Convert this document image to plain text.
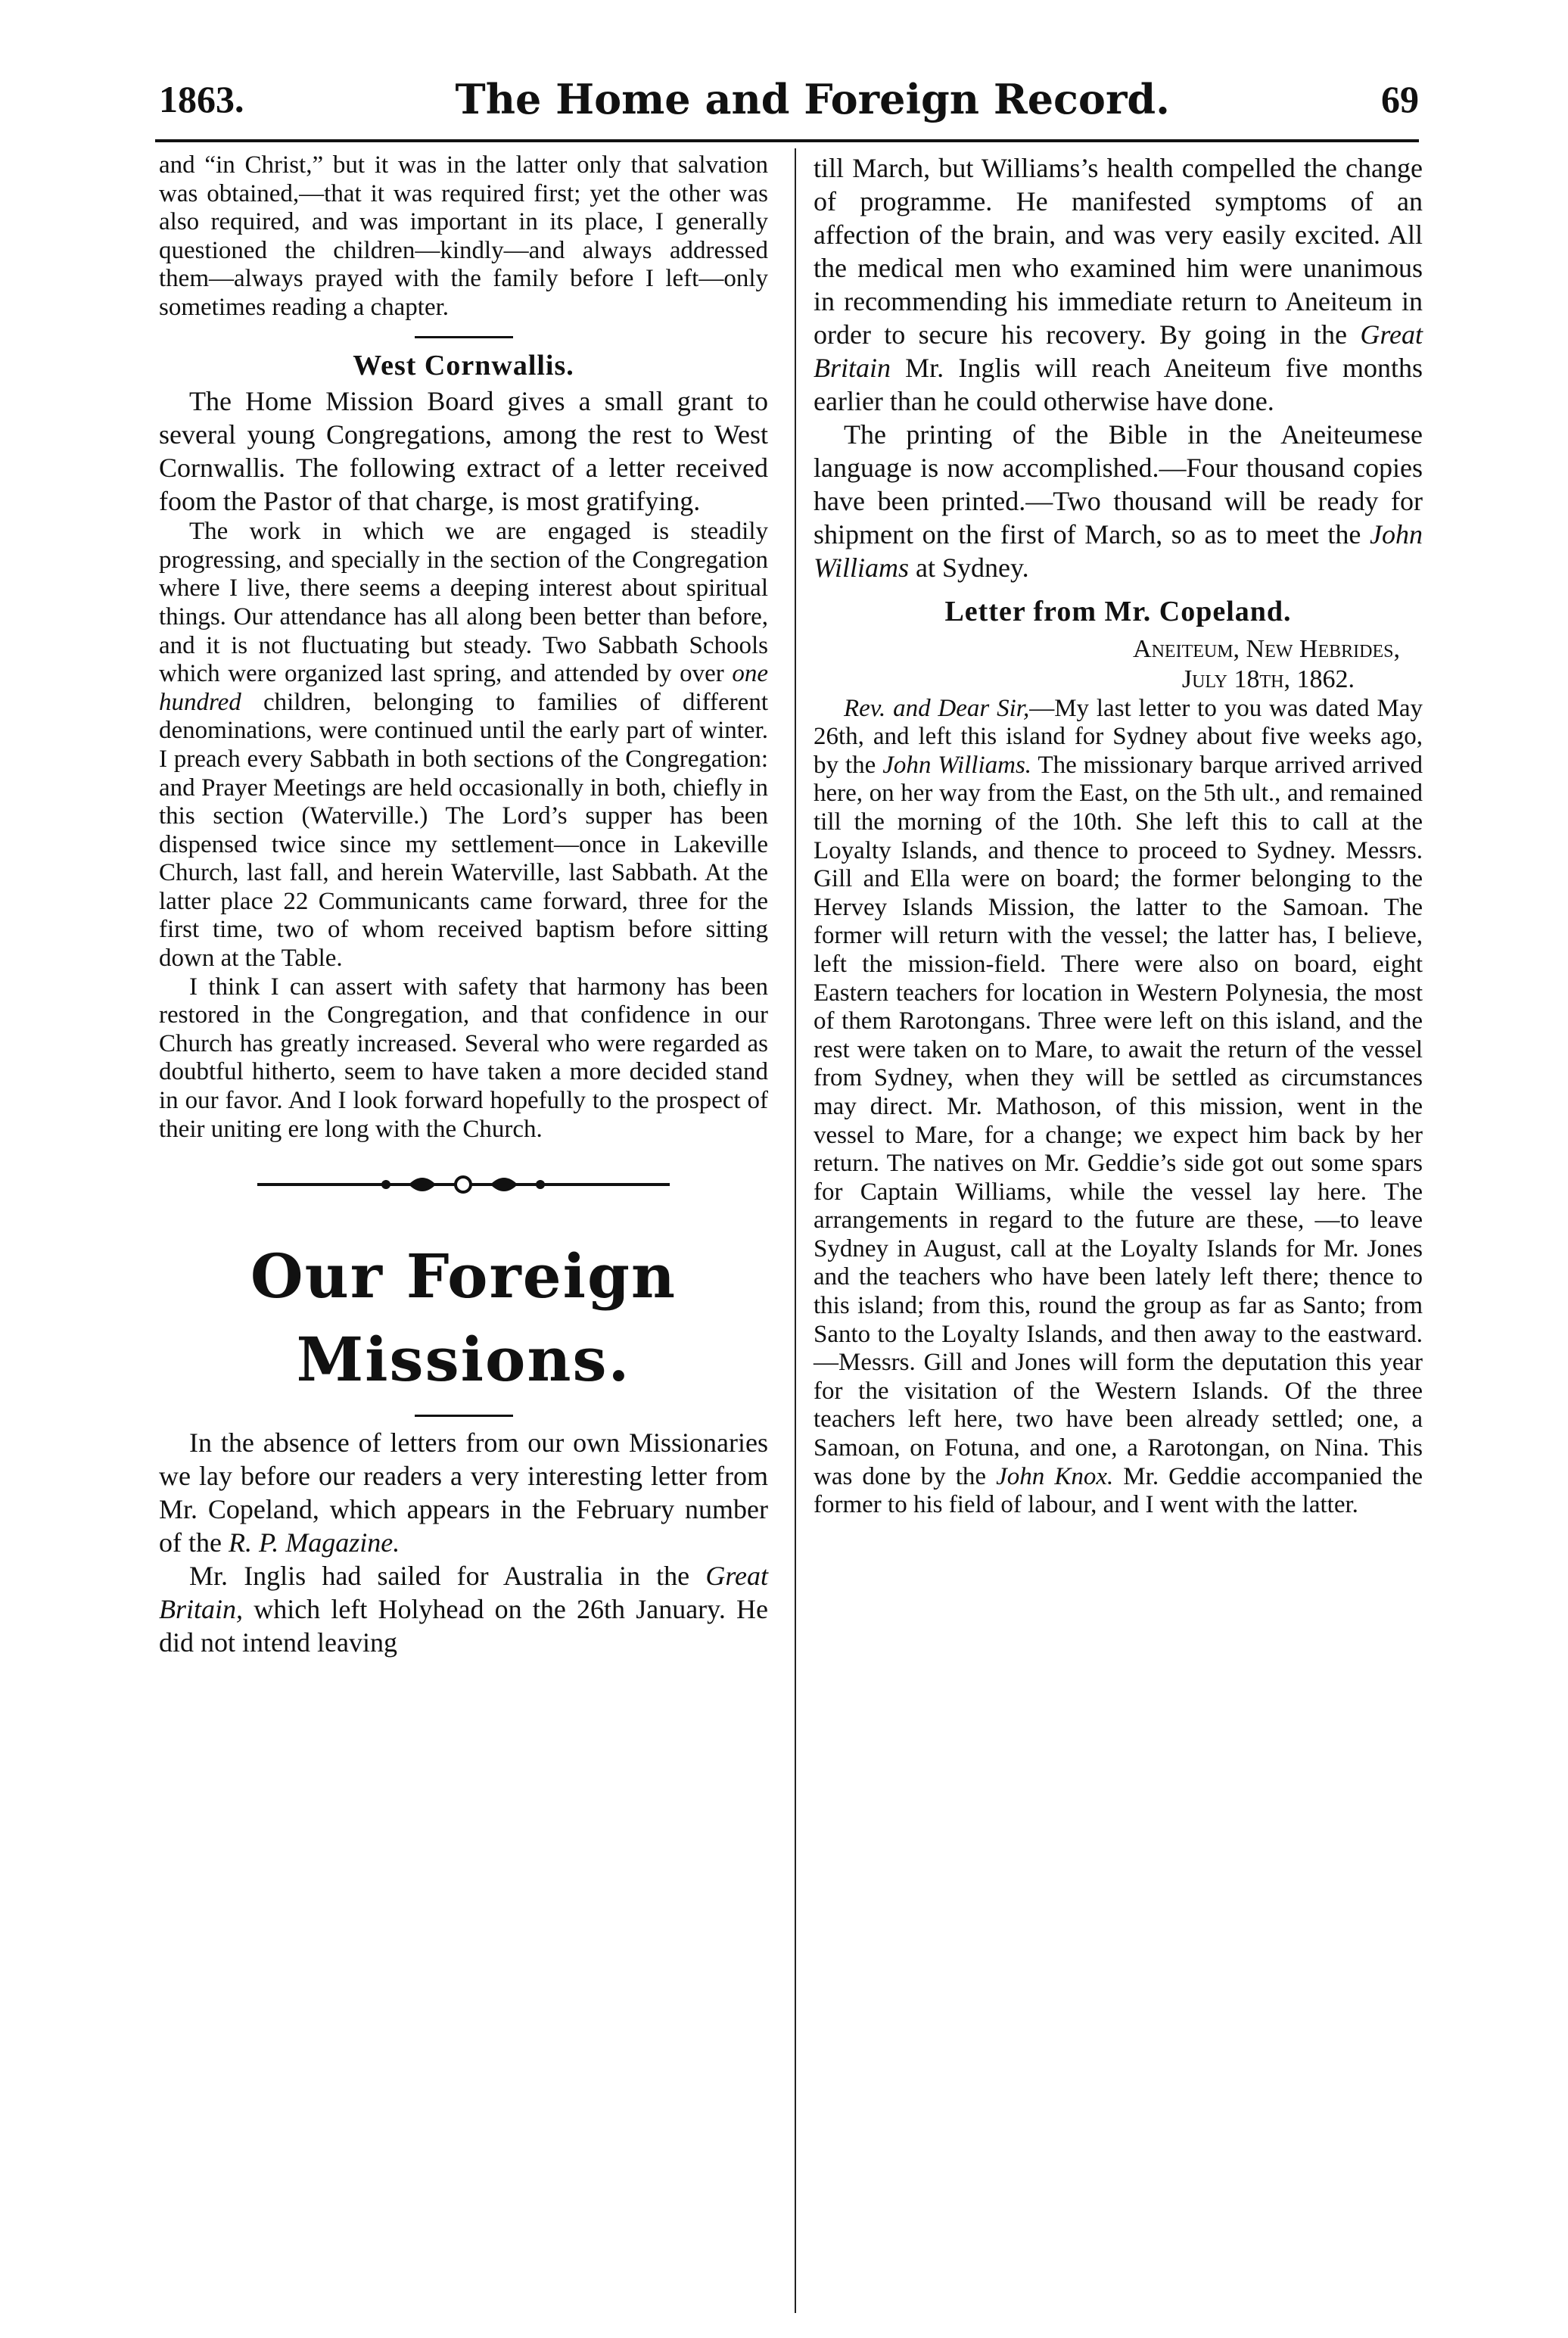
1863.	The Home and Foreign Record.	69

and “in Christ,” but it was in the latter only that salvation was obtained,—that it was required first; yet the other was also required, and was important in its place, I generally questioned the children—kindly—and always addressed them—always prayed with the family before I left—only sometimes reading a chapter.

West Cornwallis.

The Home Mission Board gives a small grant to several young Congregations, among the rest to West Cornwallis. The following extract of a letter received foom the Pastor of that charge, is most gratifying.

The work in which we are engaged is steadily progressing, and specially in the section of the Congregation where I live, there seems a deeping interest about spiritual things. Our attendance has all along been better than before, and it is not fluctuating but steady. Two Sabbath Schools which were organized last spring, and attended by over one hundred children, belonging to families of different denominations, were continued until the early part of winter. I preach every Sabbath in both sections of the Congregation: and Prayer Meetings are held occasionally in both, chiefly in this section (Waterville.) The Lord’s supper has been dispensed twice since my settlement—once in Lakeville Church, last fall, and herein Waterville, last Sabbath. At the latter place 22 Communicants came forward, three for the first time, two of whom received baptism before sitting down at the Table.

I think I can assert with safety that harmony has been restored in the Congregation, and that confidence in our Church has greatly increased. Several who were regarded as doubtful hitherto, seem to have taken a more decided stand in our favor. And I look forward hopefully to the prospect of their uniting ere long with the Church.

Our Foreign Missions.

In the absence of letters from our own Missionaries we lay before our readers a very interesting letter from Mr. Copeland, which appears in the February number of the R. P. Magazine.

Mr. Inglis had sailed for Australia in the Great Britain, which left Holyhead on the 26th January. He did not intend leaving

till March, but Williams’s health compelled the change of programme. He manifested symptoms of an affection of the brain, and was very easily excited. All the medical men who examined him were unanimous in recommending his immediate return to Aneiteum in order to secure his recovery. By going in the Great Britain Mr. Inglis will reach Aneiteum five months earlier than he could otherwise have done.

The printing of the Bible in the Aneiteumese language is now accomplished.—Four thousand copies have been printed.—Two thousand will be ready for shipment on the first of March, so as to meet the John Williams at Sydney.

Letter from Mr. Copeland.
Aneiteum, New Hebrides,
July 18th, 1862.

Rev. and Dear Sir,—My last letter to you was dated May 26th, and left this island for Sydney about five weeks ago, by the John Williams. The missionary barque arrived arrived here, on her way from the East, on the 5th ult., and remained till the morning of the 10th. She left this to call at the Loyalty Islands, and thence to proceed to Sydney. Messrs. Gill and Ella were on board; the former belonging to the Hervey Islands Mission, the latter to the Samoan. The former will return with the vessel; the latter has, I believe, left the mission-field. There were also on board, eight Eastern teachers for location in Western Polynesia, the most of them Rarotongans. Three were left on this island, and the rest were taken on to Mare, to await the return of the vessel from Sydney, when they will be settled as circumstances may direct. Mr. Mathoson, of this mission, went in the vessel to Mare, for a change; we expect him back by her return. The natives on Mr. Geddie’s side got out some spars for Captain Williams, while the vessel lay here. The arrangements in regard to the future are these, —to leave Sydney in August, call at the Loyalty Islands for Mr. Jones and the teachers who have been lately left there; thence to this island; from this, round the group as far as Santo; from Santo to the Loyalty Islands, and then away to the eastward.—Messrs. Gill and Jones will form the deputation this year for the visitation of the Western Islands. Of the three teachers left here, two have been already settled; one, a Samoan, on Fotuna, and one, a Rarotongan, on Nina. This was done by the John Knox. Mr. Geddie accompanied the former to his field of labour, and I went with the latter.
